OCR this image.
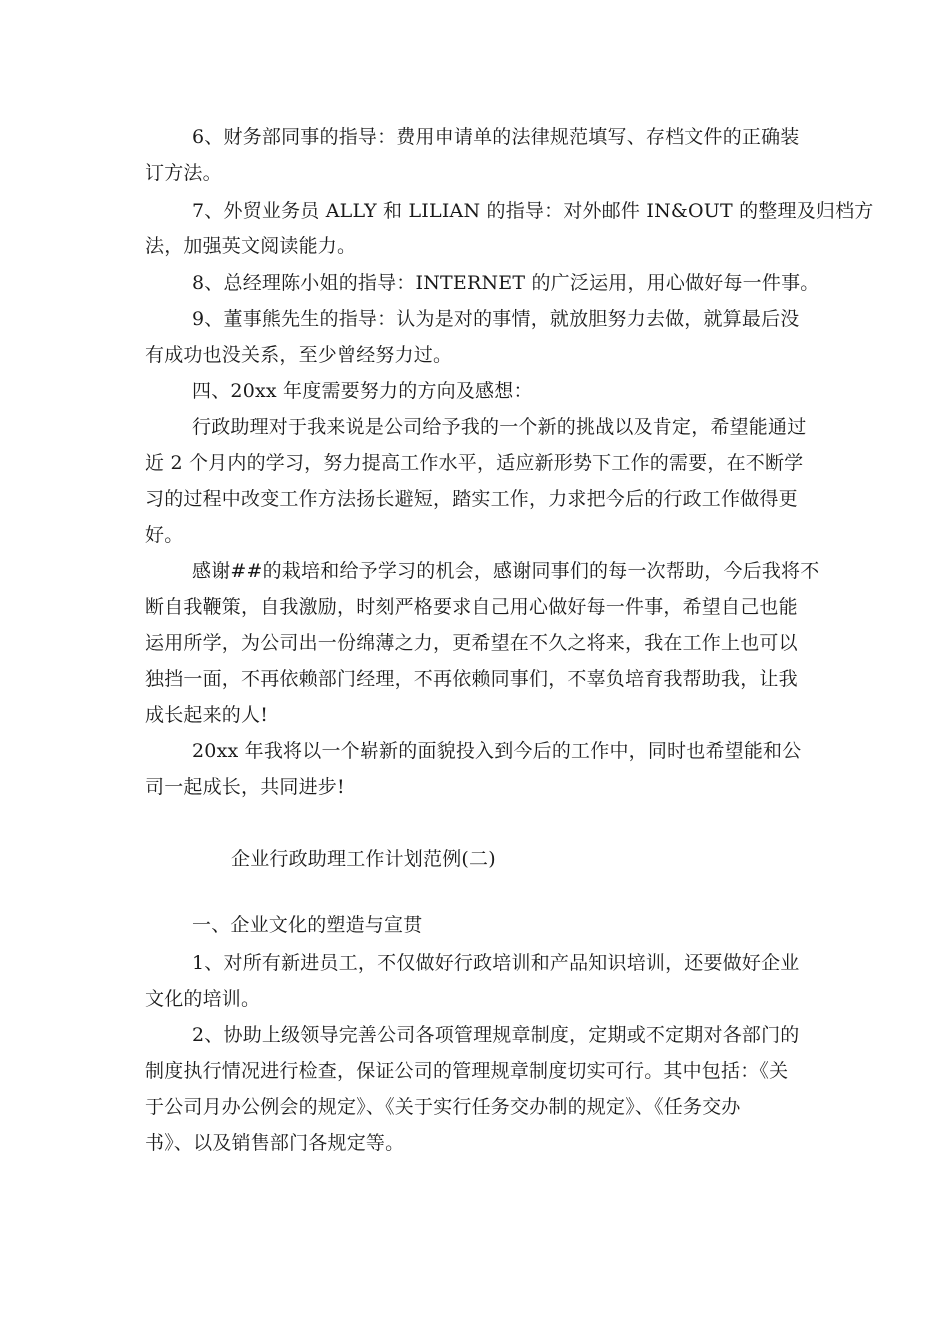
6、财务部同事的指导：费用申请单的法律规范填写、存档文件的正确装
订方法。
7、外贸业务员 ALLY 和 LILIAN 的指导：对外邮件 IN&OUT 的整理及归档方
法，加强英文阅读能力。
8、总经理陈小姐的指导：INTERNET 的广泛运用，用心做好每一件事。
9、董事熊先生的指导：认为是对的事情，就放胆努力去做，就算最后没
有成功也没关系，至少曾经努力过。
四、20xx 年度需要努力的方向及感想：
行政助理对于我来说是公司给予我的一个新的挑战以及肯定，希望能通过
近 2 个月内的学习，努力提高工作水平，适应新形势下工作的需要，在不断学
习的过程中改变工作方法扬长避短，踏实工作，力求把今后的行政工作做得更
好。
感谢##的栽培和给予学习的机会，感谢同事们的每一次帮助，今后我将不
断自我鞭策，自我激励，时刻严格要求自己用心做好每一件事，希望自己也能
运用所学，为公司出一份绵薄之力，更希望在不久之将来，我在工作上也可以
独挡一面，不再依赖部门经理，不再依赖同事们，不辜负培育我帮助我，让我
成长起来的人!
20xx 年我将以一个崭新的面貌投入到今后的工作中，同时也希望能和公
司一起成长，共同进步!
企业行政助理工作计划范例(二)
一、企业文化的塑造与宣贯
1、对所有新进员工，不仅做好行政培训和产品知识培训，还要做好企业
文化的培训。
2、协助上级领导完善公司各项管理规章制度，定期或不定期对各部门的
制度执行情况进行检查，保证公司的管理规章制度切实可行。其中包括：《关
于公司月办公例会的规定》、《关于实行任务交办制的规定》、《任务交办
书》、以及销售部门各规定等。
